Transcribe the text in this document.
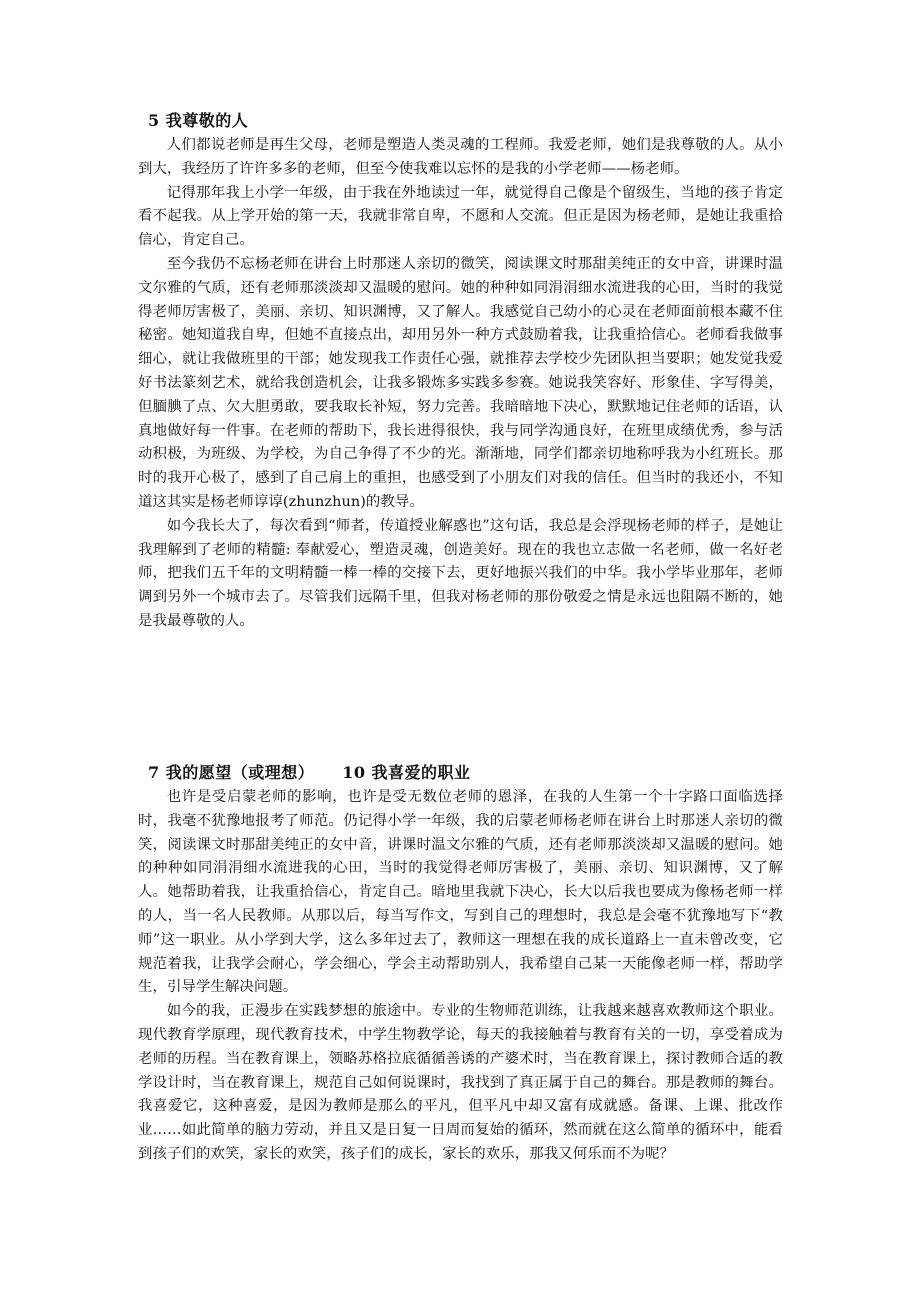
5 我尊敬的人

人们都说老师是再生父母，老师是塑造人类灵魂的工程师。我爱老师，她们是我尊敬的人。从小到大，我经历了许许多多的老师，但至今使我难以忘怀的是我的小学老师——杨老师。

记得那年我上小学一年级，由于我在外地读过一年，就觉得自己像是个留级生，当地的孩子肯定看不起我。从上学开始的第一天，我就非常自卑，不愿和人交流。但正是因为杨老师，是她让我重拾信心，肯定自己。

至今我仍不忘杨老师在讲台上时那迷人亲切的微笑，阅读课文时那甜美纯正的女中音，讲课时温文尔雅的气质，还有老师那淡淡却又温暖的慰问。她的种种如同涓涓细水流进我的心田，当时的我觉得老师厉害极了，美丽、亲切、知识渊博，又了解人。我感觉自己幼小的心灵在老师面前根本藏不住秘密。她知道我自卑，但她不直接点出，却用另外一种方式鼓励着我，让我重拾信心。老师看我做事细心，就让我做班里的干部；她发现我工作责任心强，就推荐去学校少先团队担当要职；她发觉我爱好书法篆刻艺术，就给我创造机会，让我多锻炼多实践多参赛。她说我笑容好、形象佳、字写得美，但腼腆了点、欠大胆勇敢，要我取长补短，努力完善。我暗暗地下决心，默默地记住老师的话语，认真地做好每一件事。在老师的帮助下，我长进得很快，我与同学沟通良好，在班里成绩优秀，参与活动积极，为班级、为学校，为自己争得了不少的光。渐渐地，同学们都亲切地称呼我为小红班长。那时的我开心极了，感到了自己肩上的重担，也感受到了小朋友们对我的信任。但当时的我还小，不知道这其实是杨老师谆谆(zhunzhun)的教导。

如今我长大了，每次看到“师者，传道授业解惑也”这句话，我总是会浮现杨老师的样子，是她让我理解到了老师的精髓: 奉献爱心，塑造灵魂，创造美好。现在的我也立志做一名老师，做一名好老师，把我们五千年的文明精髓一棒一棒的交接下去，更好地振兴我们的中华。我小学毕业那年，老师调到另外一个城市去了。尽管我们远隔千里，但我对杨老师的那份敬爱之情是永远也阻隔不断的，她是我最尊敬的人。

7 我的愿望（或理想） 10 我喜爱的职业

也许是受启蒙老师的影响，也许是受无数位老师的恩泽，在我的人生第一个十字路口面临选择时，我毫不犹豫地报考了师范。仍记得小学一年级，我的启蒙老师杨老师在讲台上时那迷人亲切的微笑，阅读课文时那甜美纯正的女中音，讲课时温文尔雅的气质，还有老师那淡淡却又温暖的慰问。她的种种如同涓涓细水流进我的心田，当时的我觉得老师厉害极了，美丽、亲切、知识渊博，又了解人。她帮助着我，让我重拾信心，肯定自己。暗地里我就下决心，长大以后我也要成为像杨老师一样的人，当一名人民教师。从那以后，每当写作文，写到自己的理想时，我总是会毫不犹豫地写下“教师”这一职业。从小学到大学，这么多年过去了，教师这一理想在我的成长道路上一直未曾改变，它规范着我，让我学会耐心，学会细心，学会主动帮助别人，我希望自己某一天能像老师一样，帮助学生，引导学生解决问题。

如今的我，正漫步在实践梦想的旅途中。专业的生物师范训练，让我越来越喜欢教师这个职业。现代教育学原理，现代教育技术，中学生物教学论，每天的我接触着与教育有关的一切，享受着成为老师的历程。当在教育课上，领略苏格拉底循循善诱的产婆术时，当在教育课上，探讨教师合适的教学设计时，当在教育课上，规范自己如何说课时，我找到了真正属于自己的舞台。那是教师的舞台。我喜爱它，这种喜爱，是因为教师是那么的平凡，但平凡中却又富有成就感。备课、上课、批改作业……如此简单的脑力劳动，并且又是日复一日周而复始的循环，然而就在这么简单的循环中，能看到孩子们的欢笑，家长的欢笑，孩子们的成长，家长的欢乐，那我又何乐而不为呢？
